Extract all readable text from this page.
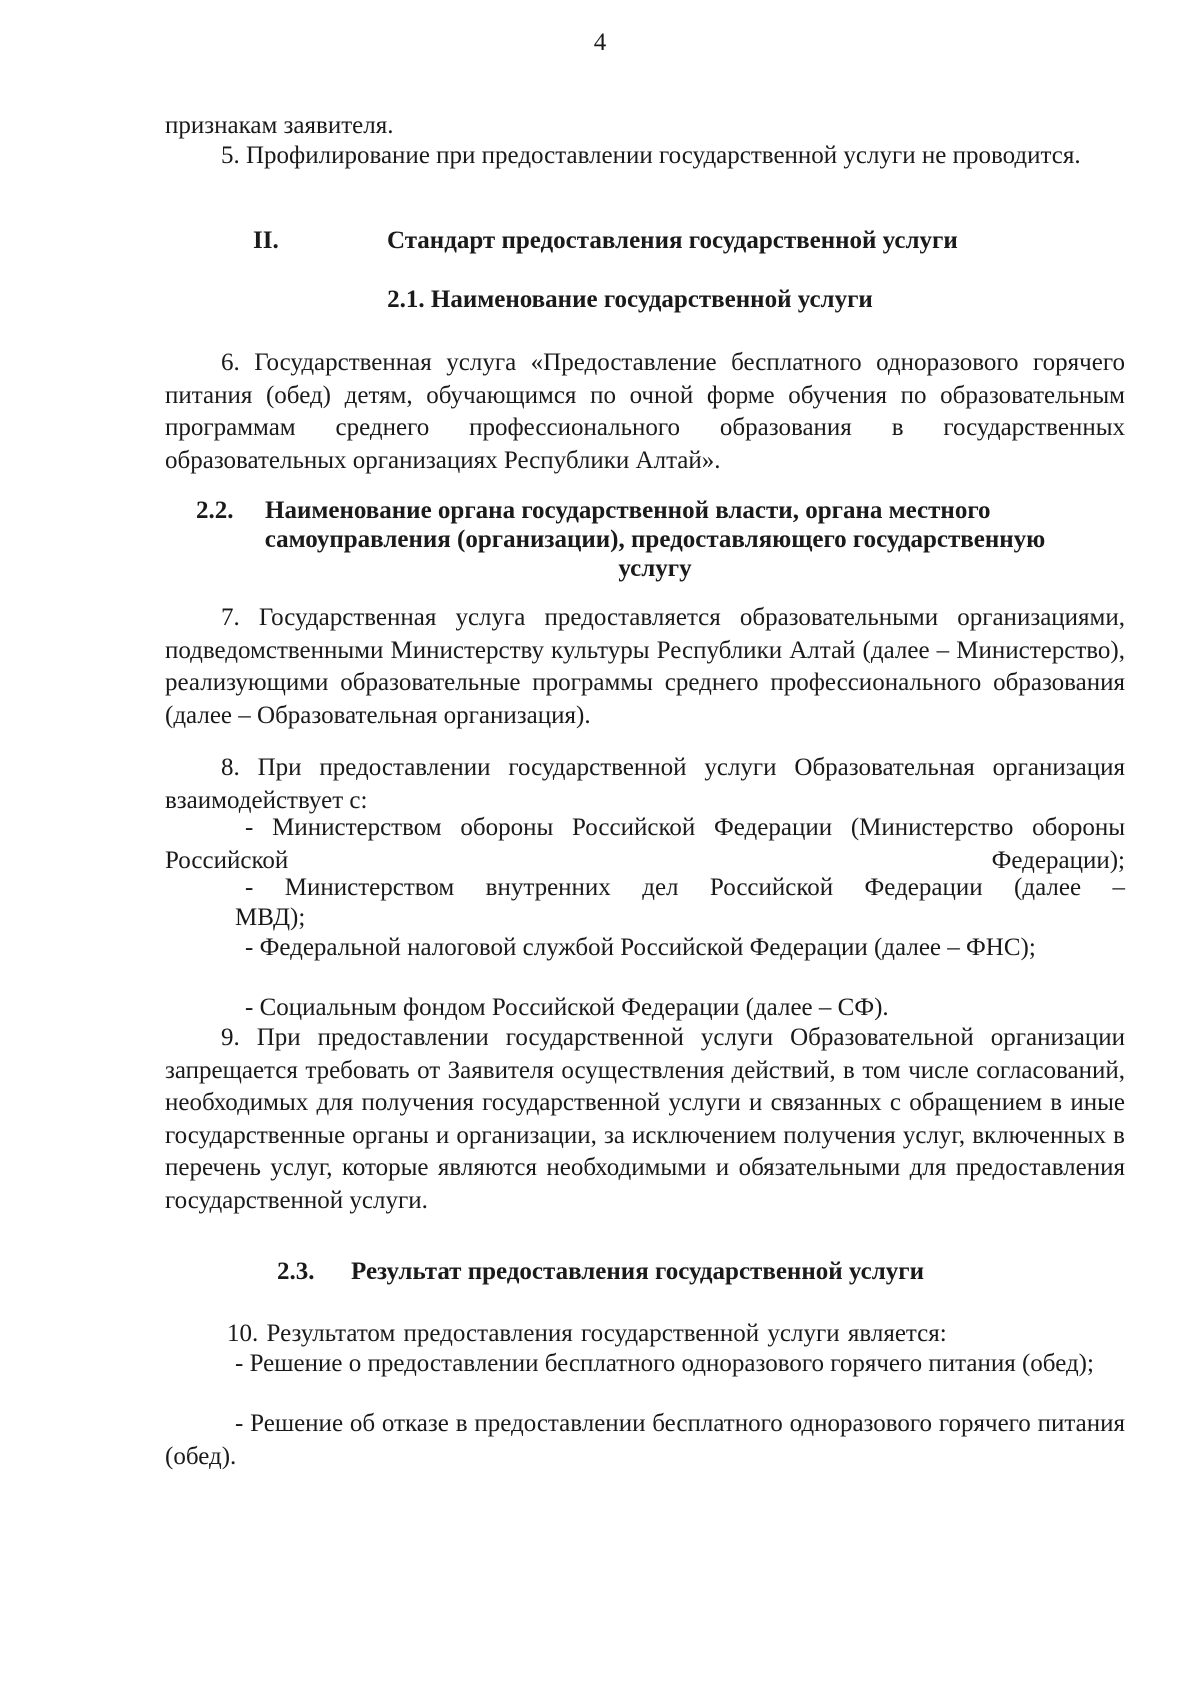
4

признакам заявителя.

5. Профилирование при предоставлении государственной услуги не проводится.

II.	Стандарт предоставления государственной услуги
2.1. Наименование государственной услуги

6. Государственная услуга «Предоставление бесплатного одноразового горячего питания (обед) детям, обучающимся по очной форме обучения по образовательным программам среднего профессионального образования в государственных образовательных организациях Республики Алтай».

2.2. Наименование органа государственной власти, органа местного
самоуправления (организации), предоставляющего государственную
услугу

7. Государственная услуга предоставляется образовательными организациями, подведомственными Министерству культуры Республики Алтай (далее – Министерство), реализующими образовательные программы среднего профессионального образования (далее – Образовательная организация).

8. При предоставлении государственной услуги Образовательная организация взаимодействует с:

- Министерством обороны Российской Федерации (Министерство обороны Российской Федерации);

- Министерством внутренних дел Российской Федерации (далее –

МВД);

- Федеральной налоговой службой Российской Федерации (далее – ФНС);

- Социальным фондом Российской Федерации (далее – СФ).

9. При предоставлении государственной услуги Образовательной организации запрещается требовать от Заявителя осуществления действий, в том числе согласований, необходимых для получения государственной услуги и связанных с обращением в иные государственные органы и организации, за исключением получения услуг, включенных в перечень услуг, которые являются необходимыми и обязательными для предоставления государственной услуги.

2.3. Результат предоставления государственной услуги

10. Результатом предоставления государственной услуги является:

- Решение о предоставлении бесплатного одноразового горячего питания (обед);

- Решение об отказе в предоставлении бесплатного одноразового горячего питания (обед).
